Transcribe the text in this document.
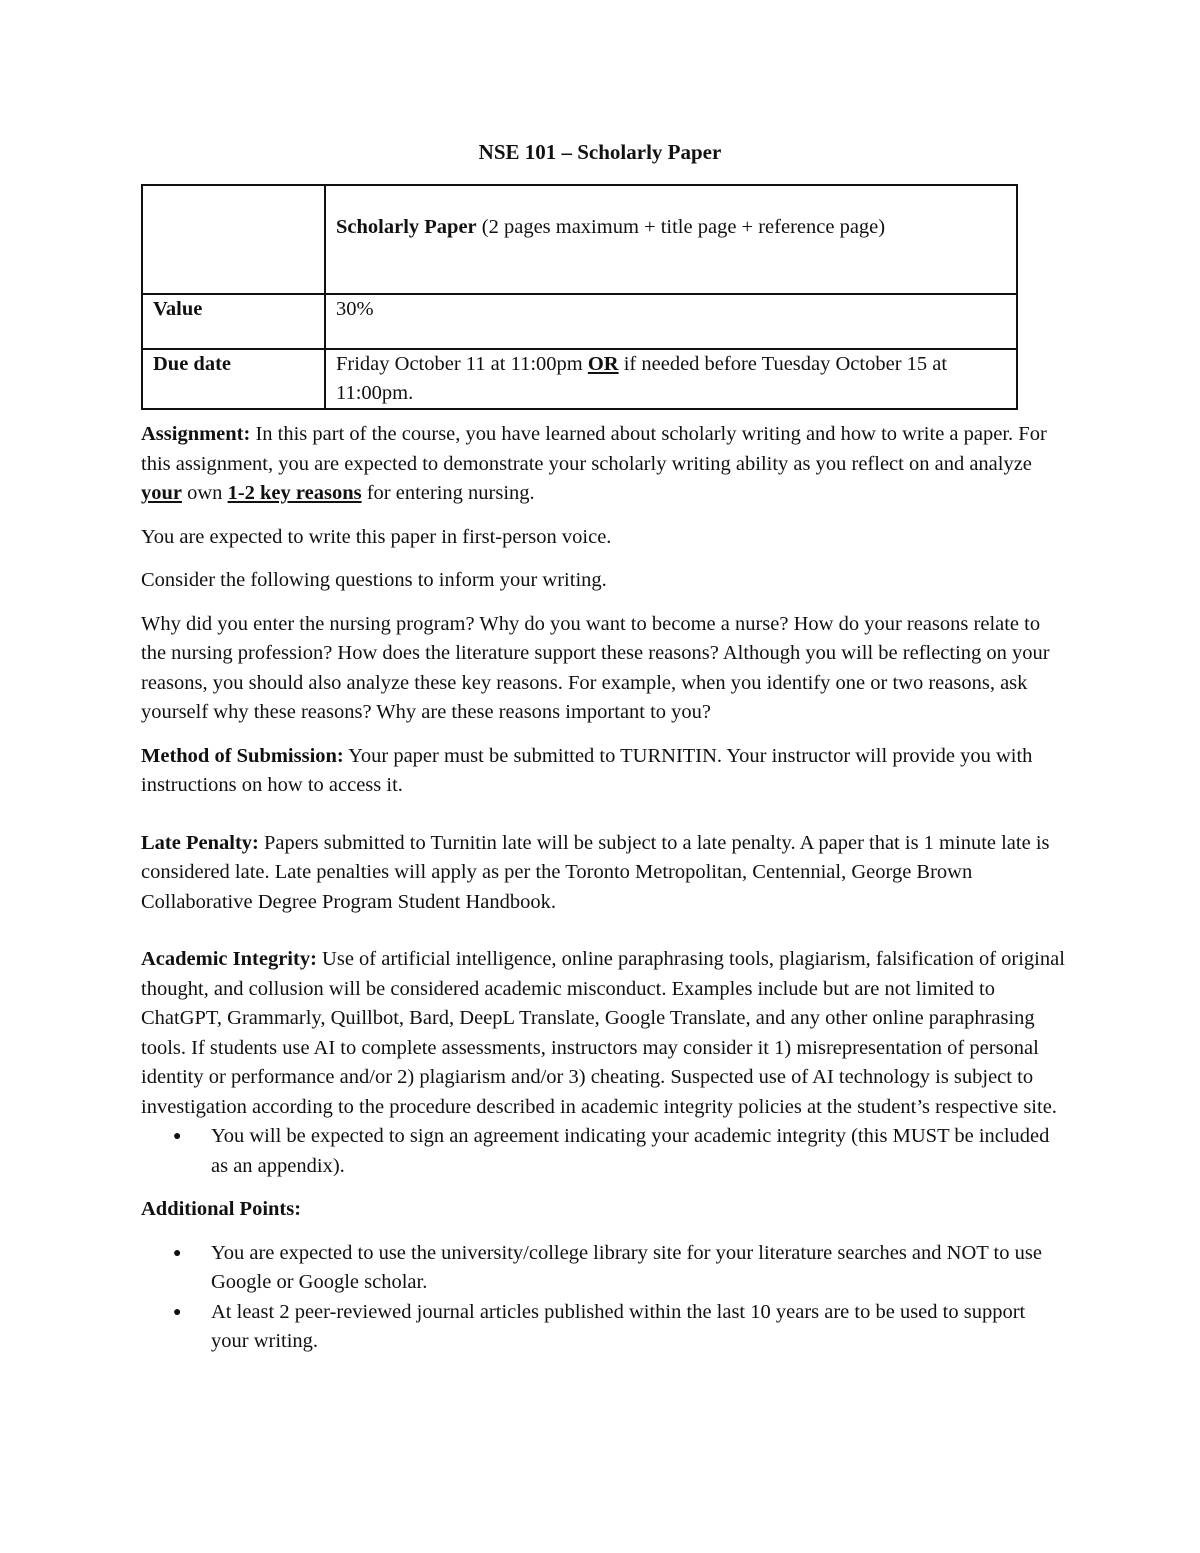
NSE 101 – Scholarly Paper
	Scholarly Paper (2 pages maximum + title page + reference page)
Value	30%
Due date	Friday October 11 at 11:00pm OR if needed before Tuesday October 15 at 11:00pm.

Assignment: In this part of the course, you have learned about scholarly writing and how to write a paper. For this assignment, you are expected to demonstrate your scholarly writing ability as you reflect on and analyze your own 1-2 key reasons for entering nursing.

You are expected to write this paper in first-person voice.

Consider the following questions to inform your writing.

Why did you enter the nursing program? Why do you want to become a nurse? How do your reasons relate to the nursing profession? How does the literature support these reasons? Although you will be reflecting on your reasons, you should also analyze these key reasons. For example, when you identify one or two reasons, ask yourself why these reasons? Why are these reasons important to you?

Method of Submission: Your paper must be submitted to TURNITIN. Your instructor will provide you with instructions on how to access it.

Late Penalty: Papers submitted to Turnitin late will be subject to a late penalty. A paper that is 1 minute late is considered late. Late penalties will apply as per the Toronto Metropolitan, Centennial, George Brown Collaborative Degree Program Student Handbook.

Academic Integrity: Use of artificial intelligence, online paraphrasing tools, plagiarism, falsification of original thought, and collusion will be considered academic misconduct. Examples include but are not limited to ChatGPT, Grammarly, Quillbot, Bard, DeepL Translate, Google Translate, and any other online paraphrasing tools. If students use AI to complete assessments, instructors may consider it 1) misrepresentation of personal identity or performance and/or 2) plagiarism and/or 3) cheating. Suspected use of AI technology is subject to investigation according to the procedure described in academic integrity policies at the student’s respective site.

● You will be expected to sign an agreement indicating your academic integrity (this MUST be included as an appendix).

Additional Points:

● You are expected to use the university/college library site for your literature searches and NOT to use Google or Google scholar.
● At least 2 peer-reviewed journal articles published within the last 10 years are to be used to support your writing.
